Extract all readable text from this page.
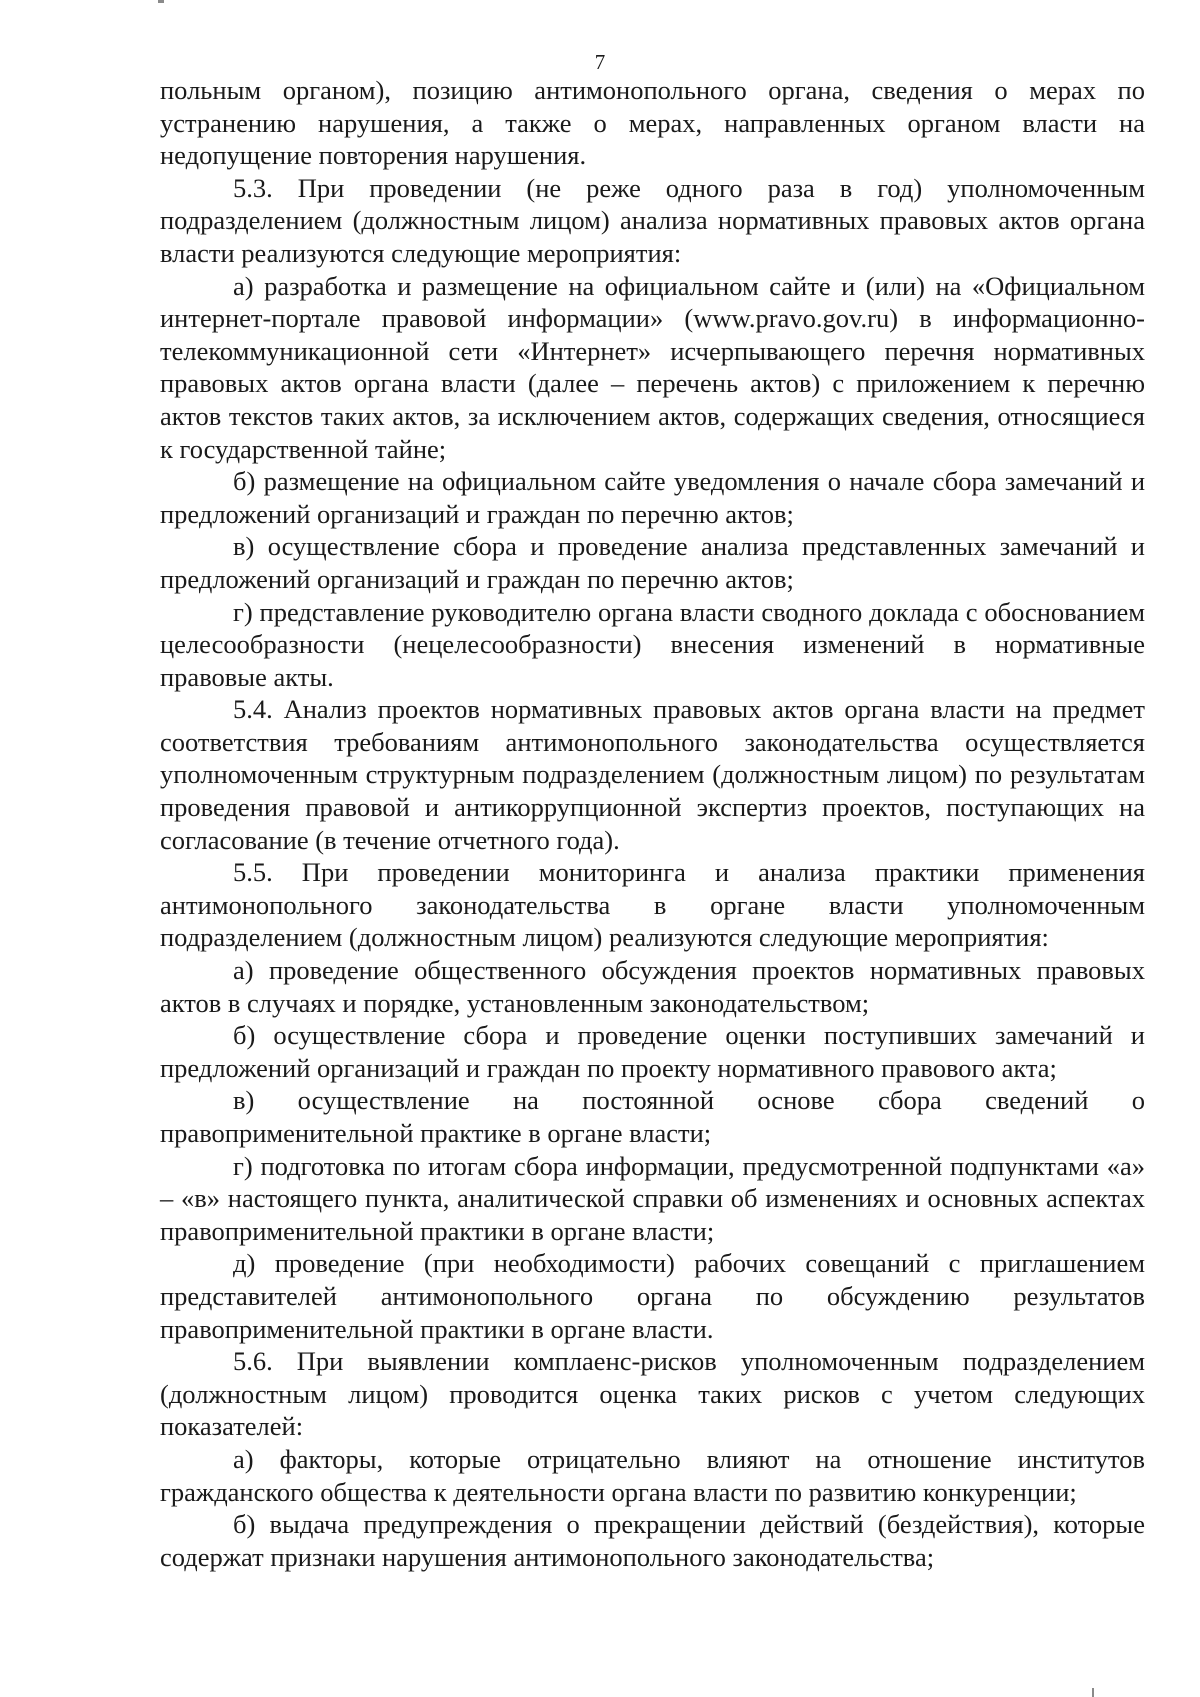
7

польным органом), позицию антимонопольного органа, сведения о мерах по устранению нарушения, а также о мерах, направленных органом власти на недопущение повторения нарушения.

5.3. При проведении (не реже одного раза в год) уполномоченным подразделением (должностным лицом) анализа нормативных правовых актов органа власти реализуются следующие мероприятия:

а) разработка и размещение на официальном сайте и (или) на «Официальном интернет-портале правовой информации» (www.pravo.gov.ru) в информационно-телекоммуникационной сети «Интернет» исчерпывающего перечня нормативных правовых актов органа власти (далее – перечень актов) с приложением к перечню актов текстов таких актов, за исключением актов, содержащих сведения, относящиеся к государственной тайне;

б) размещение на официальном сайте уведомления о начале сбора замечаний и предложений организаций и граждан по перечню актов;

в) осуществление сбора и проведение анализа представленных замечаний и предложений организаций и граждан по перечню актов;

г) представление руководителю органа власти сводного доклада с обоснованием целесообразности (нецелесообразности) внесения изменений в нормативные правовые акты.

5.4. Анализ проектов нормативных правовых актов органа власти на предмет соответствия требованиям антимонопольного законодательства осуществляется уполномоченным структурным подразделением (должностным лицом) по результатам проведения правовой и антикоррупционной экспертиз проектов, поступающих на согласование (в течение отчетного года).

5.5. При проведении мониторинга и анализа практики применения антимонопольного законодательства в органе власти уполномоченным подразделением (должностным лицом) реализуются следующие мероприятия:

а) проведение общественного обсуждения проектов нормативных правовых актов в случаях и порядке, установленным законодательством;

б) осуществление сбора и проведение оценки поступивших замечаний и предложений организаций и граждан по проекту нормативного правового акта;

в) осуществление на постоянной основе сбора сведений о правоприменительной практике в органе власти;

г) подготовка по итогам сбора информации, предусмотренной подпунктами «а» – «в» настоящего пункта, аналитической справки об изменениях и основных аспектах правоприменительной практики в органе власти;

д) проведение (при необходимости) рабочих совещаний с приглашением представителей антимонопольного органа по обсуждению результатов правоприменительной практики в органе власти.

5.6. При выявлении комплаенс-рисков уполномоченным подразделением (должностным лицом) проводится оценка таких рисков с учетом следующих показателей:

а) факторы, которые отрицательно влияют на отношение институтов гражданского общества к деятельности органа власти по развитию конкуренции;

б) выдача предупреждения о прекращении действий (бездействия), которые содержат признаки нарушения антимонопольного законодательства;
